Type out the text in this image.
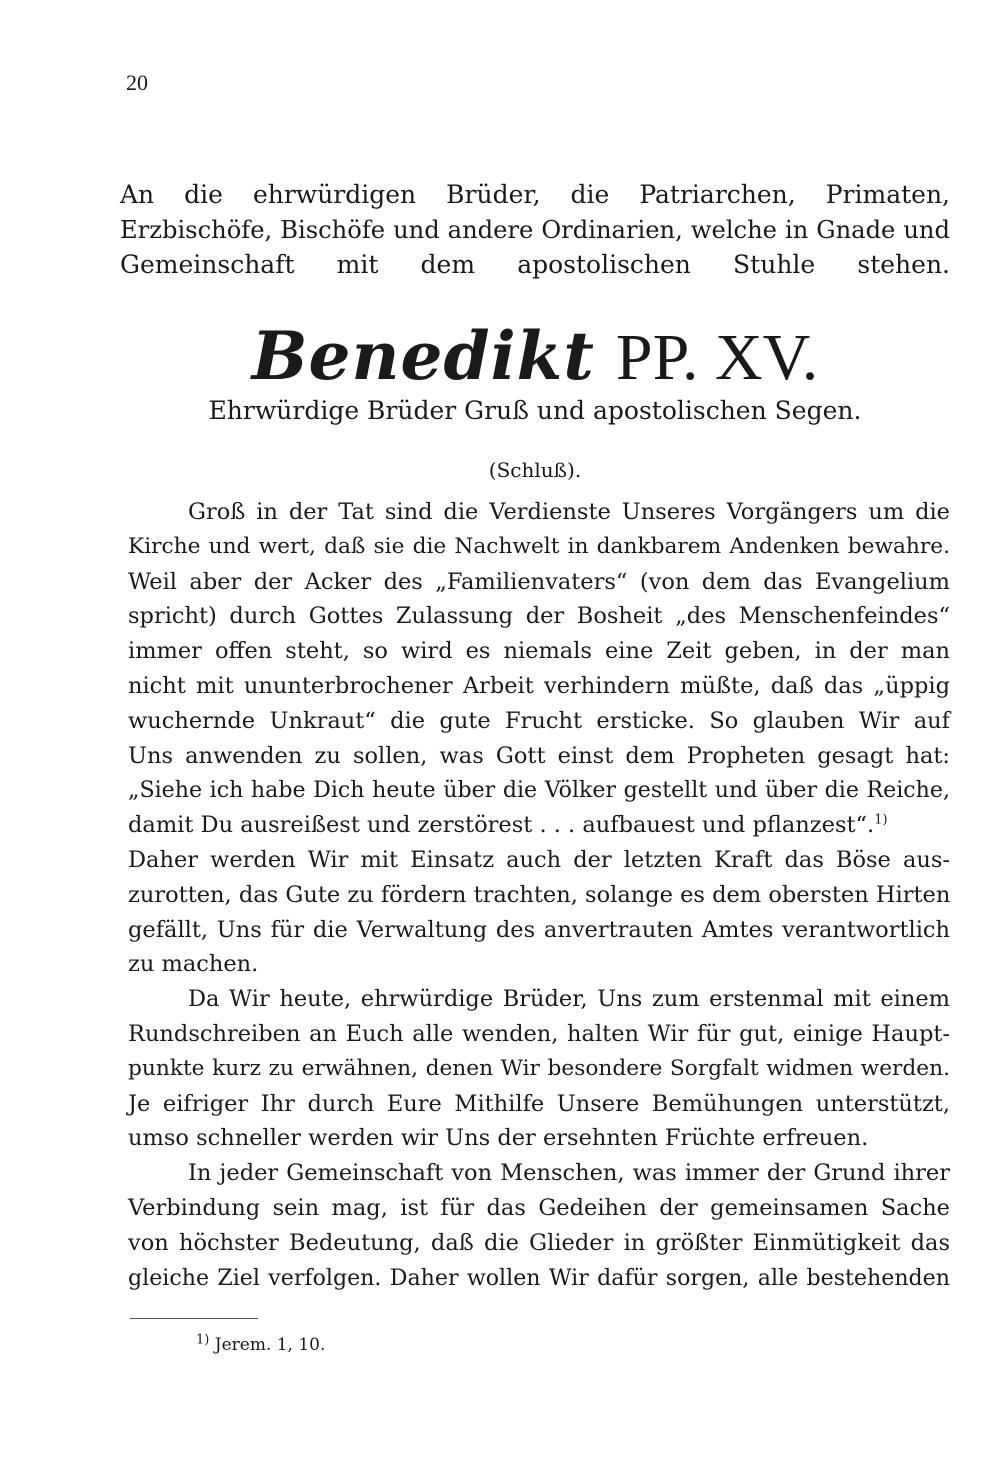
20
An die ehrwürdigen Brüder, die Patriarchen, Primaten,
Erzbischöfe, Bischöfe und andere Ordinarien, welche in Gnade und
Gemeinschaft mit dem apostolischen Stuhle stehen.
Benedikt PP. XV.
Ehrwürdige Brüder Gruß und apostolischen Segen.
(Schluß).
Groß in der Tat sind die Verdienste Unseres Vorgängers um die
Kirche und wert, daß sie die Nachwelt in dankbarem Andenken bewahre.
Weil aber der Acker des „Familienvaters“ (von dem das Evangelium
spricht) durch Gottes Zulassung der Bosheit „des Menschenfeindes“
immer offen steht, so wird es niemals eine Zeit geben, in der man
nicht mit ununterbrochener Arbeit verhindern müßte, daß das „üppig
wuchernde Unkraut“ die gute Frucht ersticke. So glauben Wir auf
Uns anwenden zu sollen, was Gott einst dem Propheten gesagt hat:
„Siehe ich habe Dich heute über die Völker gestellt und über die Reiche,
damit Du ausreißest und zerstörest . . . aufbauest und pflanzest“.$^{1)}$
Daher werden Wir mit Einsatz auch der letzten Kraft das Böse aus-
zurotten, das Gute zu fördern trachten, solange es dem obersten Hirten
gefällt, Uns für die Verwaltung des anvertrauten Amtes verantwortlich
zu machen.
Da Wir heute, ehrwürdige Brüder, Uns zum erstenmal mit einem
Rundschreiben an Euch alle wenden, halten Wir für gut, einige Haupt-
punkte kurz zu erwähnen, denen Wir besondere Sorgfalt widmen werden.
Je eifriger Ihr durch Eure Mithilfe Unsere Bemühungen unterstützt,
umso schneller werden wir Uns der ersehnten Früchte erfreuen.
In jeder Gemeinschaft von Menschen, was immer der Grund ihrer
Verbindung sein mag, ist für das Gedeihen der gemeinsamen Sache
von höchster Bedeutung, daß die Glieder in größter Einmütigkeit das
gleiche Ziel verfolgen. Daher wollen Wir dafür sorgen, alle bestehenden
$^{1)}$ Jerem. 1, 10.
